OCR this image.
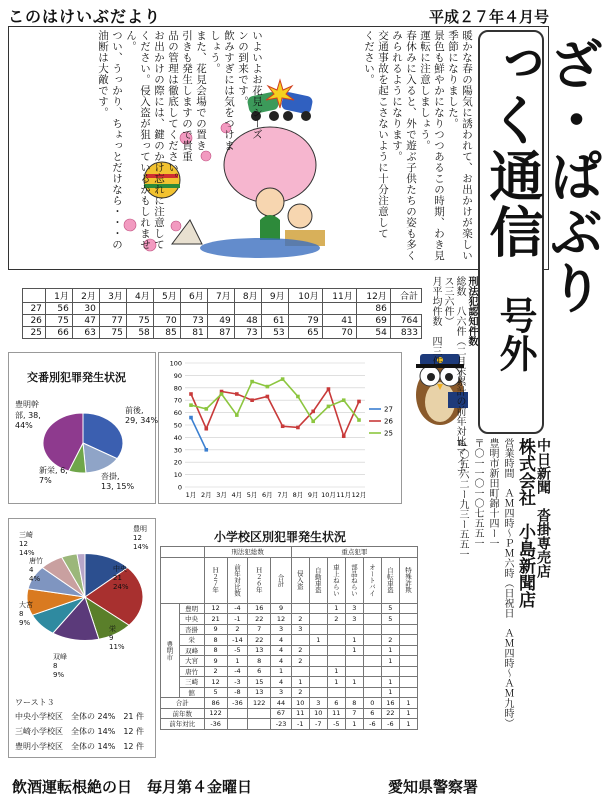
このはけいぶだより	平成２７年４月号
ざ・ぱぶりっく通信
号外
暖かな春の陽気に誘われて、お出かけが楽しい
季節になりました。
景色も鮮やかになりつつあるこの時期、わき見
運転に注意しましょう。
春休みに入ると、外で遊ぶ子供たちの姿も多く
みられるようになります。
交通事故を起こさないように十分注意して
ください。
いよいよお花見シーズ
ンの到来です。
飲みすぎには気をつけま
しょう。
また、花見会場での置き
引きも発生しますので貴重
品の管理は徹底してください。
お出かけの際には、鍵のかけ忘れに注意して
ください。侵入盗が狙っているかもしれません。
つい、うっかり、ちょっとだけなら・・・の
油断は大敵です。
刑法犯認知件数
総数　八六件（二月末累計の前年対比マイナス三六件）
月平均件数　四三件
	1月	2月	3月	4月	5月	6月	7月	8月	9月	10月	11月	12月	合計
27	56	30										86	
26	75	47	77	75	70	73	49	48	61	79	41	69	764
25	66	63	75	58	85	81	87	73	53	65	70	54	833
中日新聞　沓掛専売店
株式会社　小島新聞店
営業時間　ＡＭ四時〜ＰＭ六時（日祝日　ＡＭ四時〜ＡＭ九時）
豊明市新田町錦十四ー一
〒〇一一〇一〇七五五一
℡〇五六二ー九三ー五五一
交番別犯罪発生状況
前後,
29, 34%
沓掛,
13, 15%
新栄, 6,
7%
豊明幹
部, 38,
44%
0
10
20
30
40
50
60
70
80
90
100
1月 2月 3月 4月 5月 6月 7月 8月 9月 10月 11月 12月
27
26
25
豊明
12
14%
中央
21
24%
栄
9
11%
双峰
8
9%
大宮
8
9%
三崎
12
14%
唐竹
4
4%
ワースト３
中央小学校区　全体の 24%　21 件
三崎小学校区　全体の 14%　12 件
豊明小学校区　全体の 14%　12 件
小学校区別犯罪発生状況
		刑法犯総数				重点犯罪						
		Ｈ２７年	前年対比数	Ｈ２６年	合計	侵入盗	自動車盗	車上ねらい	部品ねらい	オートバイ	自転車盗	特殊詐欺
豊明市	豊明	12	-4	16	9			1	3		5	
	中央	21	-1	22	12	2		2	3		5	
	沓掛	9	2	7	3	3						
	栄	8	-14	22	4		1		1		2	
	双峰	8	-5	13	4	2			1		1	
	大宮	9	1	8	4	2					1	
	唐竹	2	-4	6	1			1				
	三崎	12	-3	15	4	1		1	1		1	
	舘	5	-8	13	3	2					1	
合計		86	-36	122	44	10	3	6	8	0	16	1
前年数		122			67	11	10	11	7	6	22	1
前年対比		-36			-23	-1	-7	-5	1	-6	-6	1
飲酒運転根絶の日　毎月第４金曜日	愛知県警察署
